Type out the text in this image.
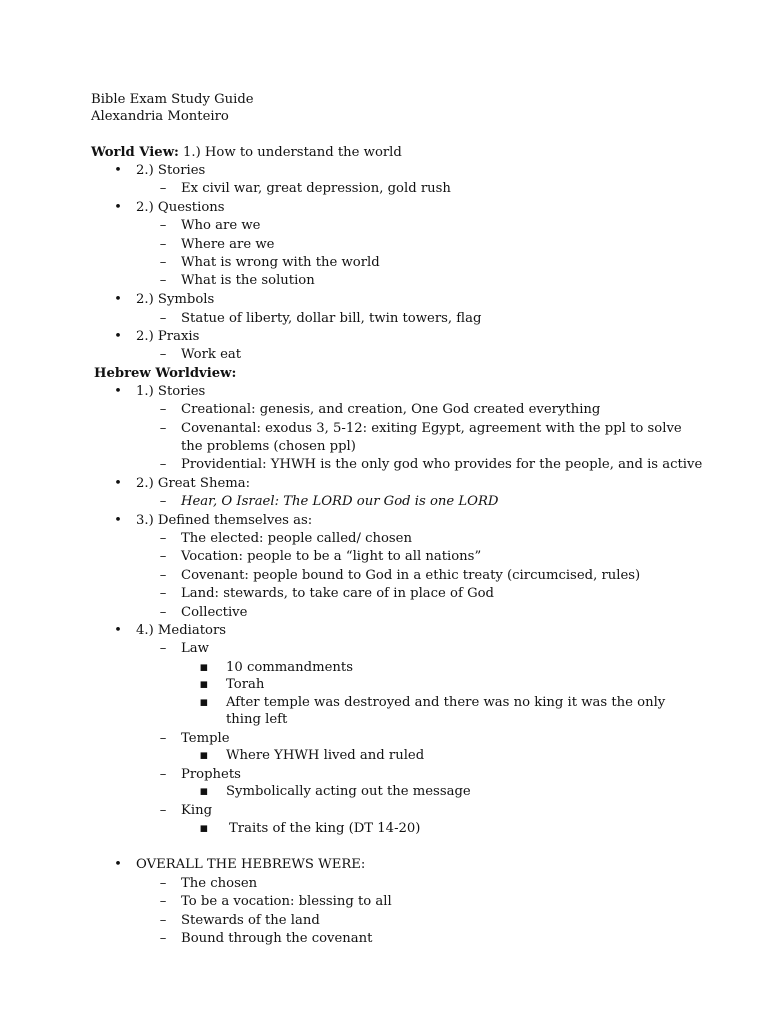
Bible Exam Study Guide
Alexandria Monteiro
World View: 1.) How to understand the world
• 2.) Stories
– Ex civil war, great depression, gold rush
• 2.) Questions
– Who are we
– Where are we
– What is wrong with the world
– What is the solution
• 2.) Symbols
– Statue of liberty, dollar bill, twin towers, flag
• 2.) Praxis
– Work eat
Hebrew Worldview:
• 1.) Stories
– Creational: genesis, and creation, One God created everything
– Covenantal: exodus 3, 5-12: exiting Egypt, agreement with the ppl to solve
the problems (chosen ppl)
– Providential: YHWH is the only god who provides for the people, and is active
• 2.) Great Shema:
– Hear, O Israel: The LORD our God is one LORD
• 3.) Defined themselves as:
– The elected: people called/ chosen
– Vocation: people to be a “light to all nations”
– Covenant: people bound to God in a ethic treaty (circumcised, rules)
– Land: stewards, to take care of in place of God
– Collective
• 4.) Mediators
– Law
▪ 10 commandments
▪ Torah
▪ After temple was destroyed and there was no king it was the only
thing left
– Temple
▪ Where YHWH lived and ruled
– Prophets
▪ Symbolically acting out the message
– King
▪ Traits of the king (DT 14-20)
• OVERALL THE HEBREWS WERE:
– The chosen
– To be a vocation: blessing to all
– Stewards of the land
– Bound through the covenant
